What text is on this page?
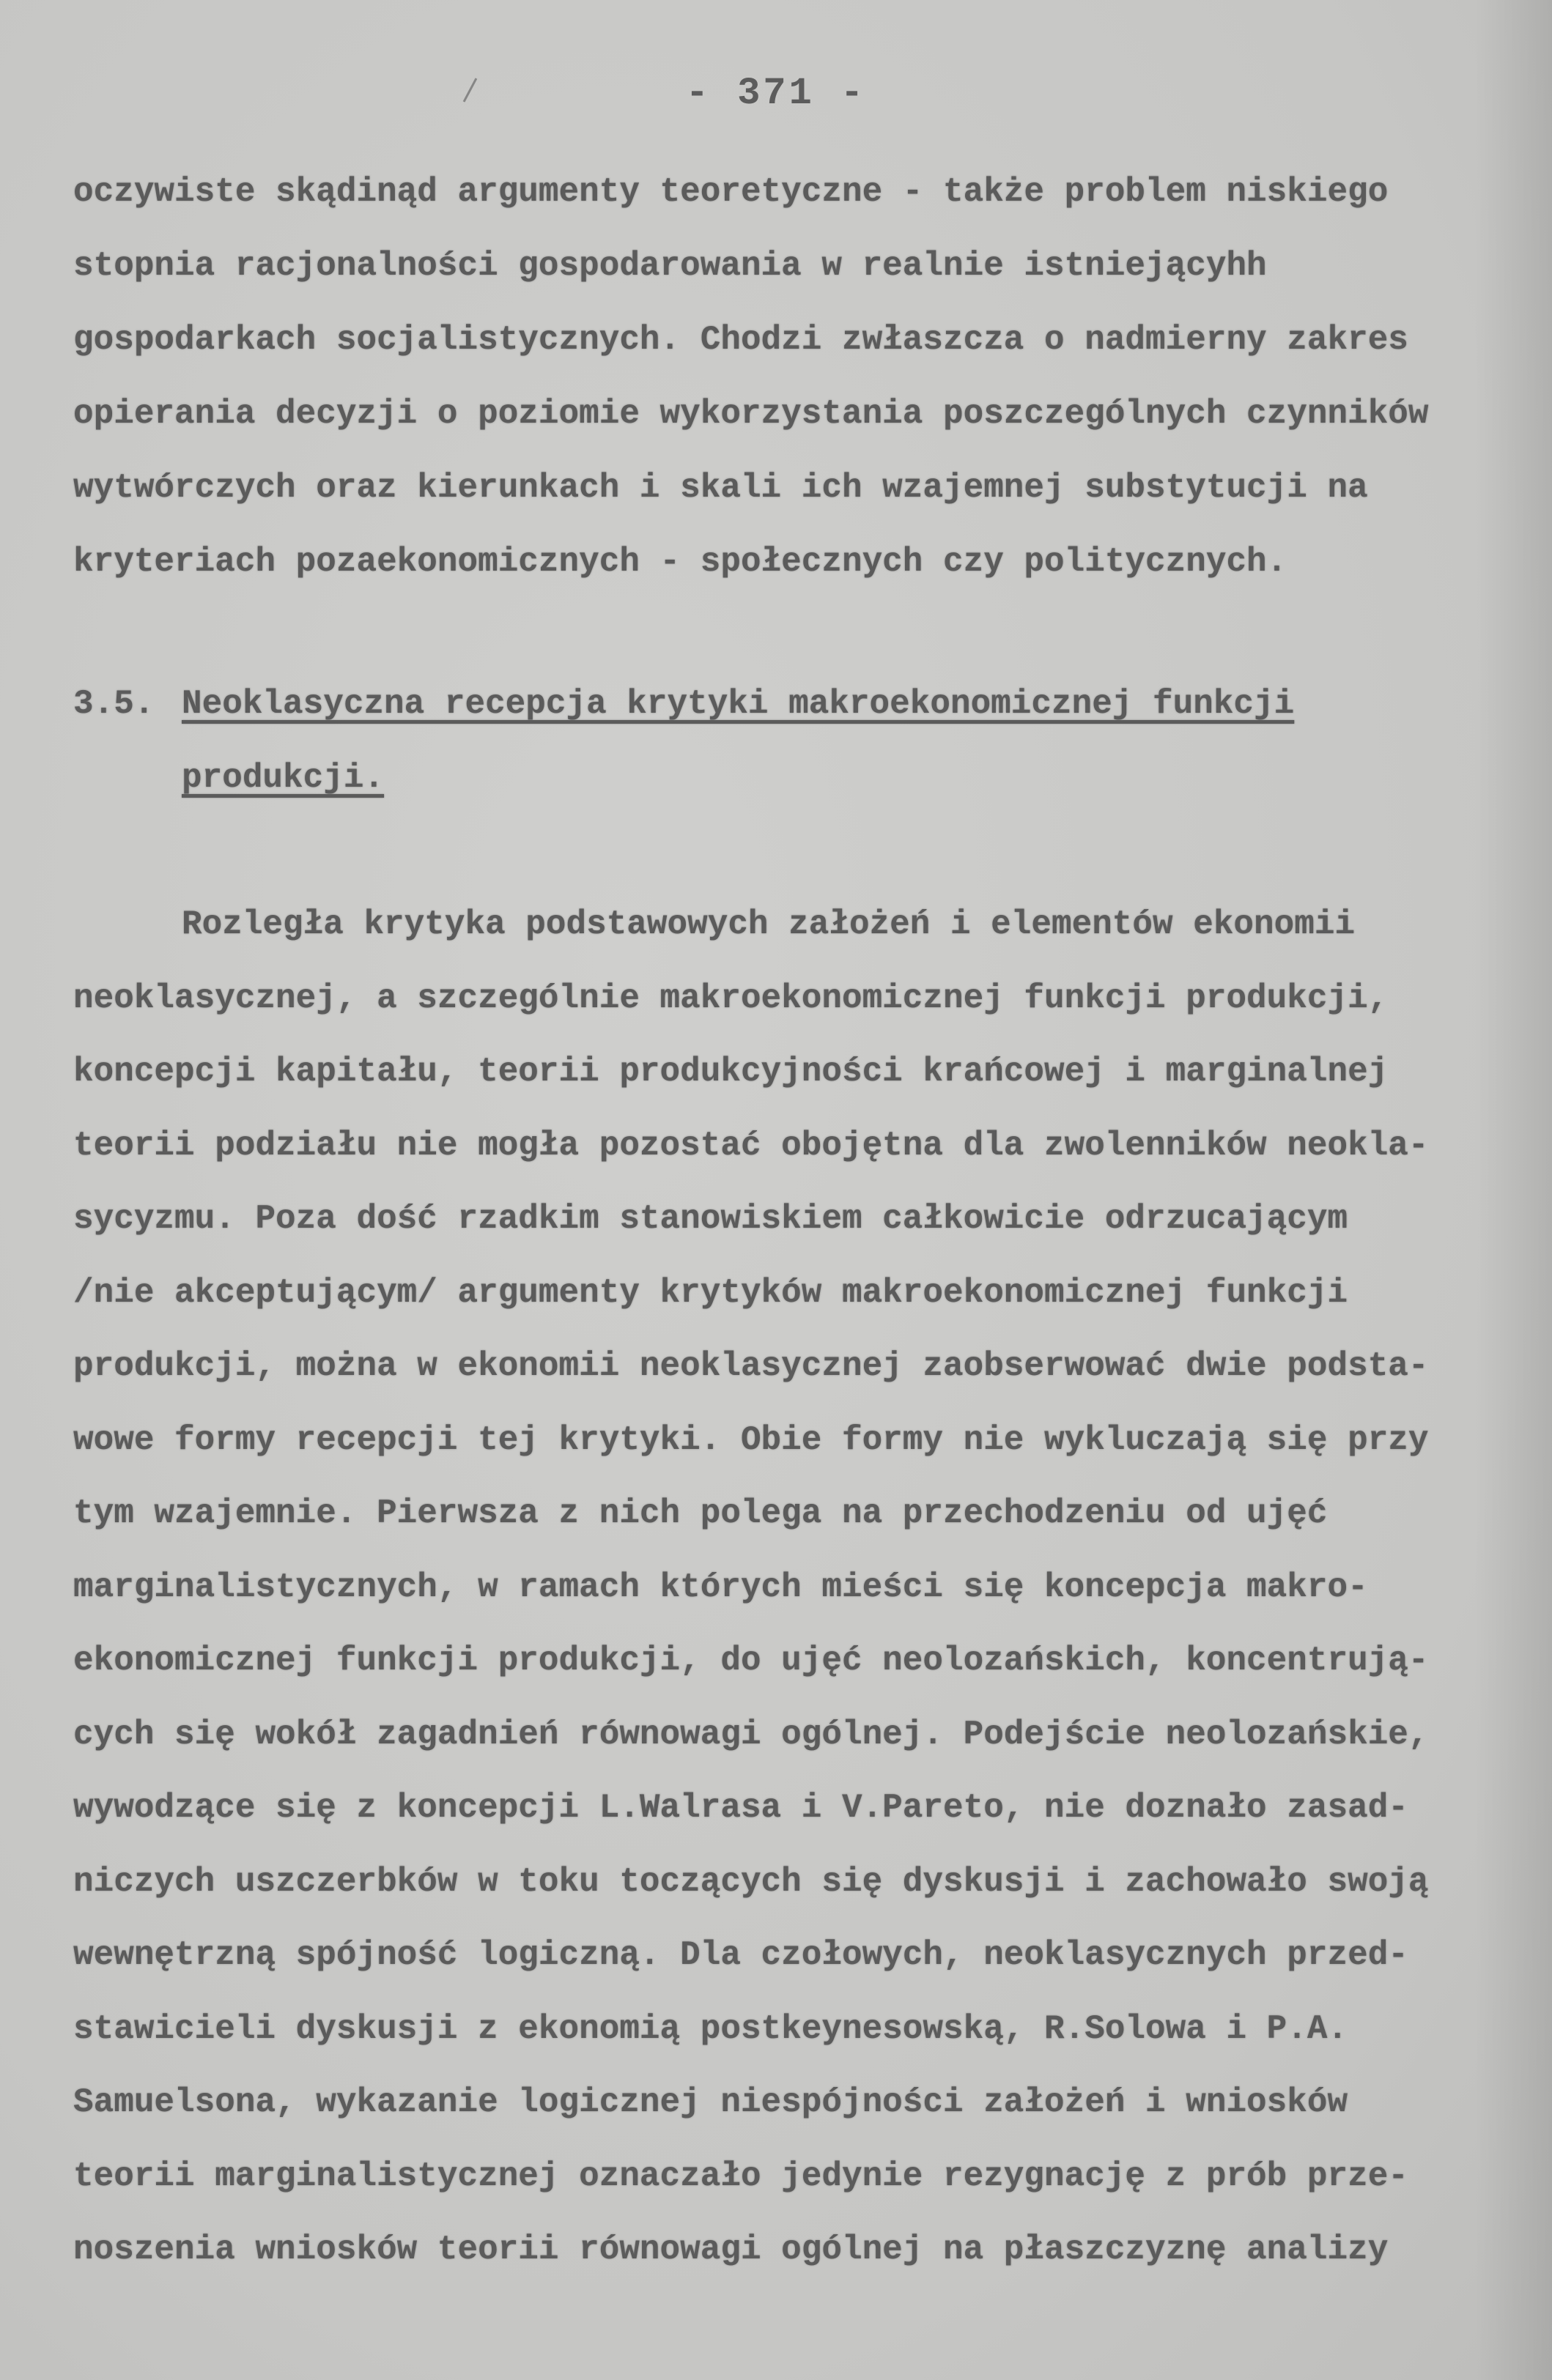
- 371 -
oczywiste skądinąd argumenty teoretyczne - także problem niskiego
stopnia racjonalności gospodarowania w realnie istniejącyhh
gospodarkach socjalistycznych. Chodzi zwłaszcza o nadmierny zakres
opierania decyzji o poziomie wykorzystania poszczególnych czynników
wytwórczych oraz kierunkach i skali ich wzajemnej substytucji na
kryteriach pozaekonomicznych - społecznych czy politycznych.
3.5. Neoklasyczna recepcja krytyki makroekonomicznej funkcji
produkcji.
Rozległa krytyka podstawowych założeń i elementów ekonomii
neoklasycznej, a szczególnie makroekonomicznej funkcji produkcji,
koncepcji kapitału, teorii produkcyjności krańcowej i marginalnej
teorii podziału nie mogła pozostać obojętna dla zwolenników neokla-
sycyzmu. Poza dość rzadkim stanowiskiem całkowicie odrzucającym
/nie akceptującym/ argumenty krytyków makroekonomicznej funkcji
produkcji, można w ekonomii neoklasycznej zaobserwować dwie podsta-
wowe formy recepcji tej krytyki. Obie formy nie wykluczają się przy
tym wzajemnie. Pierwsza z nich polega na przechodzeniu od ujęć
marginalistycznych, w ramach których mieści się koncepcja makro-
ekonomicznej funkcji produkcji, do ujęć neolozańskich, koncentrują-
cych się wokół zagadnień równowagi ogólnej. Podejście neolozańskie,
wywodzące się z koncepcji L.Walrasa i V.Pareto, nie doznało zasad-
niczych uszczerbków w toku toczących się dyskusji i zachowało swoją
wewnętrzną spójność logiczną. Dla czołowych, neoklasycznych przed-
stawicieli dyskusji z ekonomią postkeynesowską, R.Solowa i P.A.
Samuelsona, wykazanie logicznej niespójności założeń i wniosków
teorii marginalistycznej oznaczało jedynie rezygnację z prób prze-
noszenia wniosków teorii równowagi ogólnej na płaszczyznę analizy
